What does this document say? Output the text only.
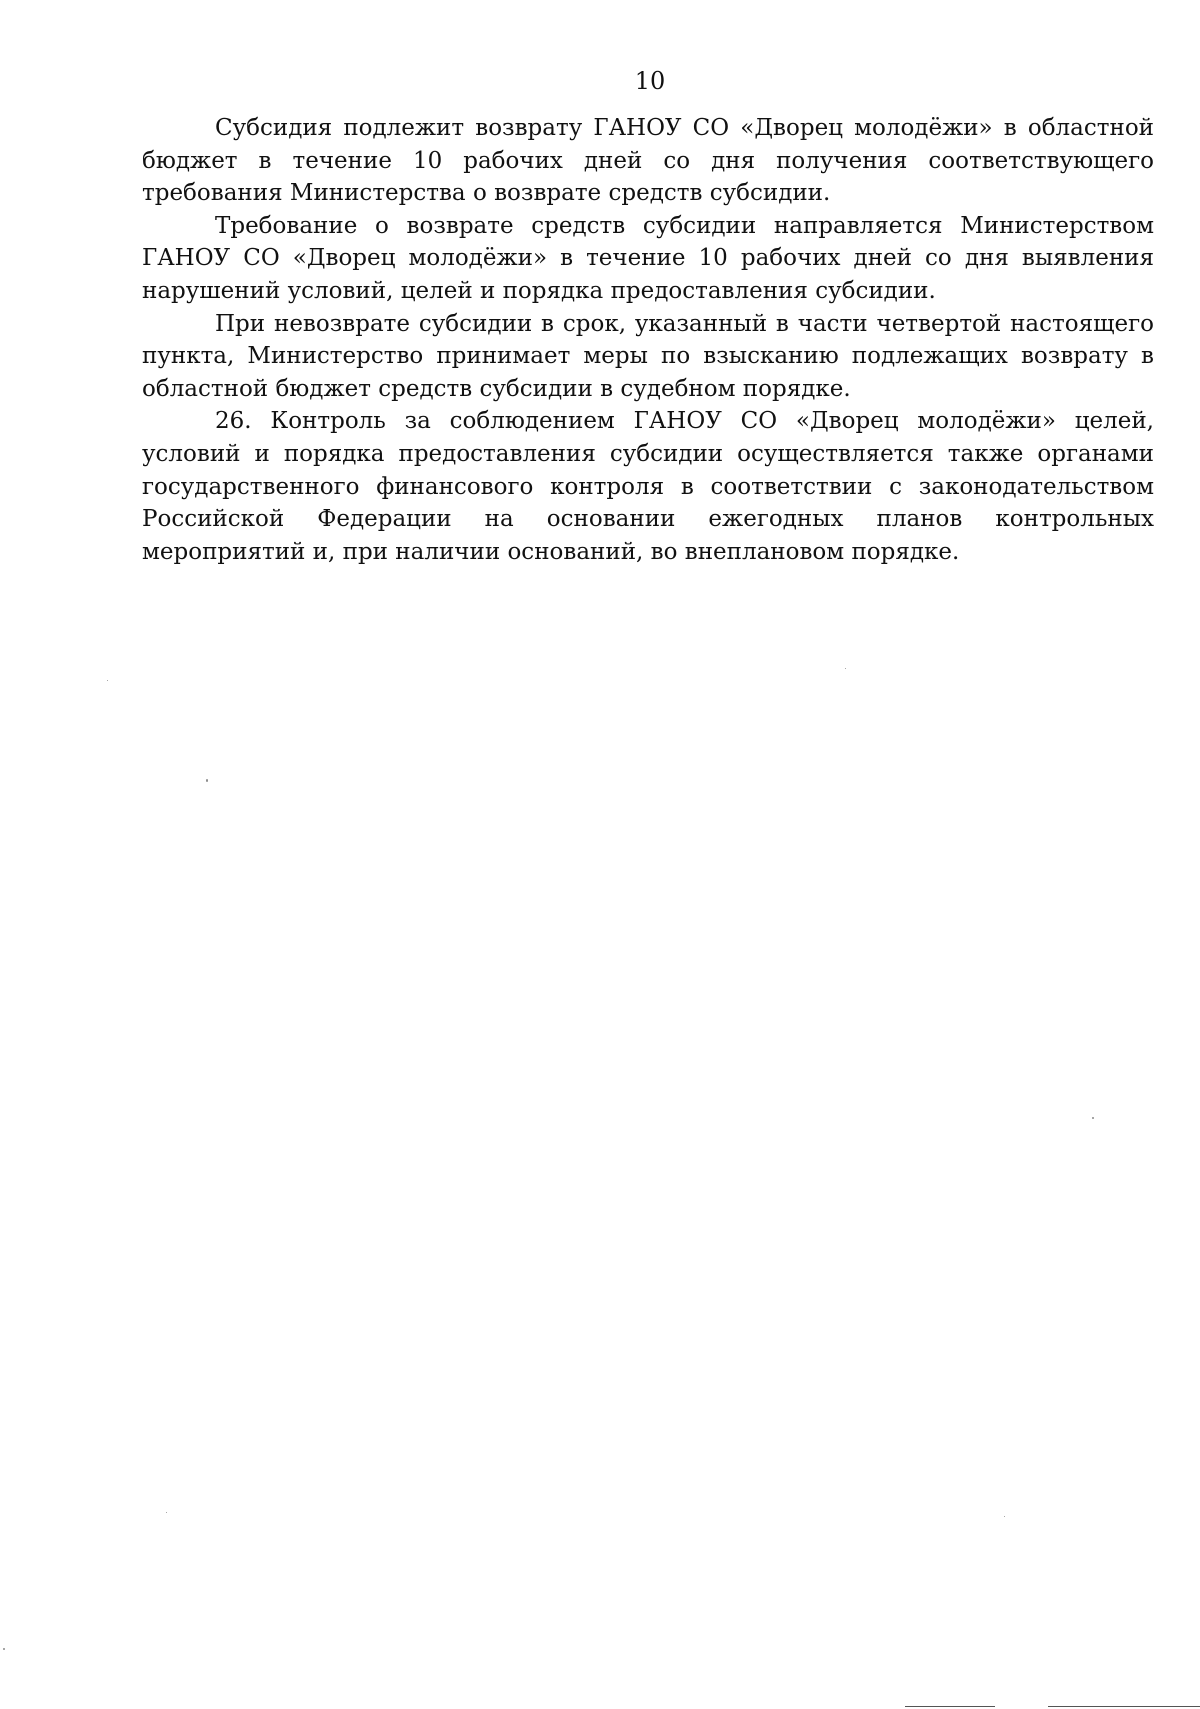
10

Субсидия подлежит возврату ГАНОУ СО «Дворец молодёжи» в областной бюджет в течение 10 рабочих дней со дня получения соответствующего требования Министерства о возврате средств субсидии.

Требование о возврате средств субсидии направляется Министерством ГАНОУ СО «Дворец молодёжи» в течение 10 рабочих дней со дня выявления нарушений условий, целей и порядка предоставления субсидии.

При невозврате субсидии в срок, указанный в части четвертой настоящего пункта, Министерство принимает меры по взысканию подлежащих возврату в областной бюджет средств субсидии в судебном порядке.

26. Контроль за соблюдением ГАНОУ СО «Дворец молодёжи» целей, условий и порядка предоставления субсидии осуществляется также органами государственного финансового контроля в соответствии с законодательством Российской Федерации на основании ежегодных планов контрольных мероприятий и, при наличии оснований, во внеплановом порядке.
